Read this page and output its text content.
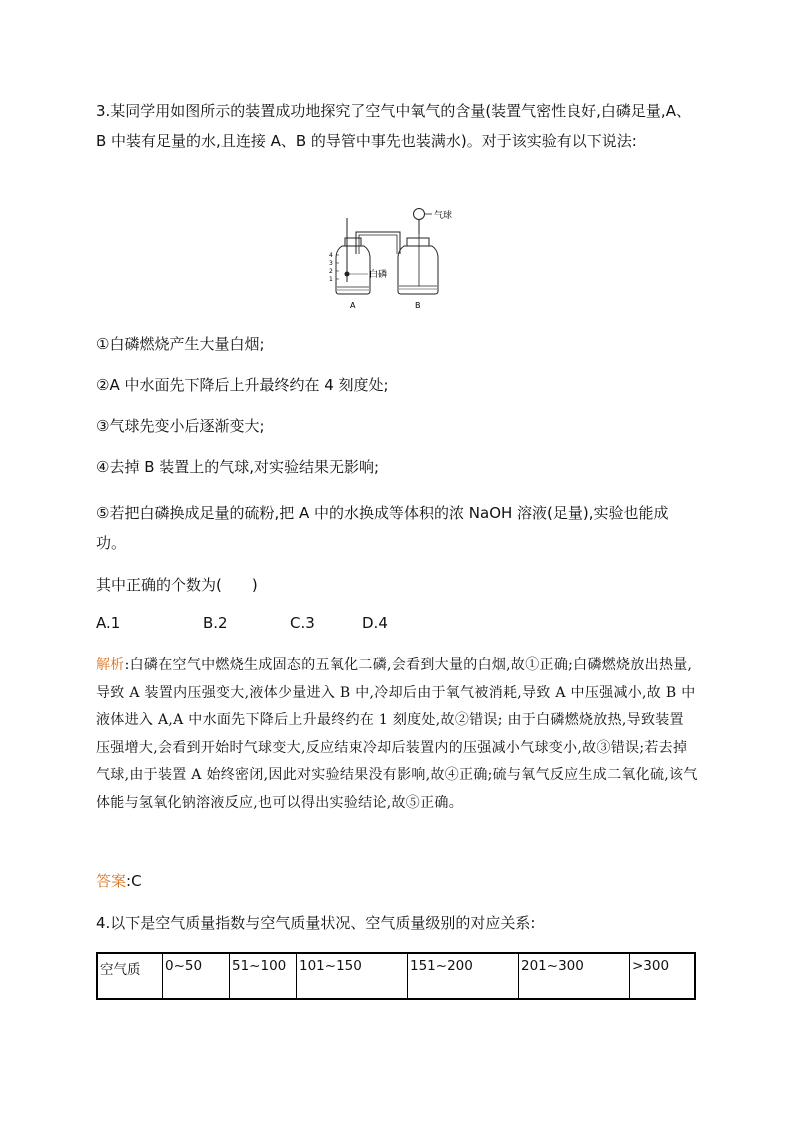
3.某同学用如图所示的装置成功地探究了空气中氧气的含量(装置气密性良好,白磷足量,A、B 中装有足量的水,且连接 A、B 的导管中事先也装满水)。对于该实验有以下说法:

气球
4
3
2
1	白磷
A	B

①白磷燃烧产生大量白烟;

②A 中水面先下降后上升最终约在 4 刻度处;

③气球先变小后逐渐变大;

④去掉 B 装置上的气球,对实验结果无影响;

⑤若把白磷换成足量的硫粉,把 A 中的水换成等体积的浓 NaOH 溶液(足量),实验也能成功。

其中正确的个数为(　　)

A.1	B.2	C.3	D.4

解析:白磷在空气中燃烧生成固态的五氧化二磷,会看到大量的白烟,故①正确;白磷燃烧放出热量,导致 A 装置内压强变大,液体少量进入 B 中,冷却后由于氧气被消耗,导致 A 中压强减小,故 B 中液体进入 A,A 中水面先下降后上升最终约在 1 刻度处,故②错误; 由于白磷燃烧放热,导致装置压强增大,会看到开始时气球变大,反应结束冷却后装置内的压强减小气球变小,故③错误;若去掉气球,由于装置 A 始终密闭,因此对实验结果没有影响,故④正确;硫与氧气反应生成二氧化硫,该气体能与氢氧化钠溶液反应,也可以得出实验结论,故⑤正确。

答案:C
4.以下是空气质量指数与空气质量状况、空气质量级别的对应关系:
空气质	0~50	51~100	101~150	151~200	201~300	>300
